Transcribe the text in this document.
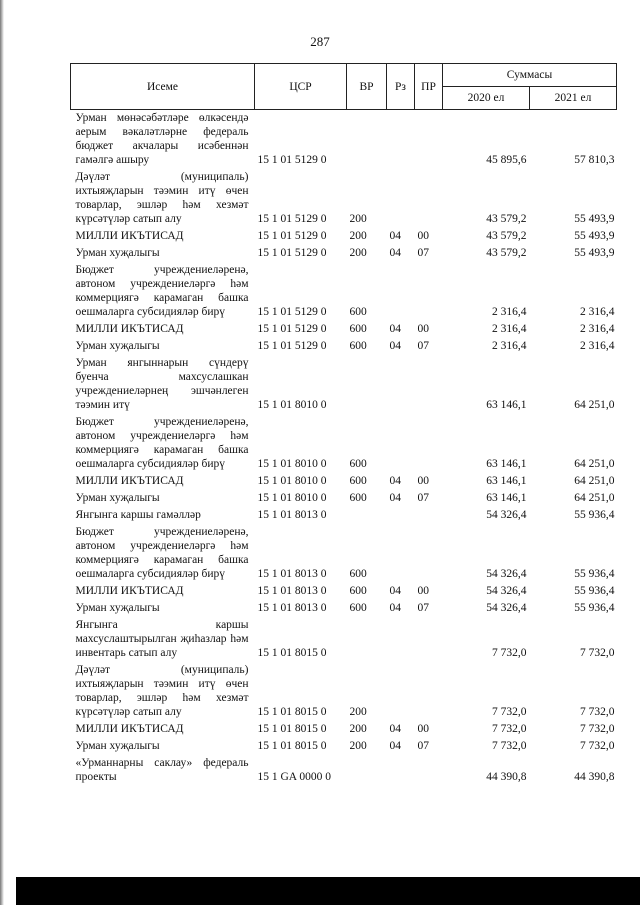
287
Исеме	ЦСР	ВР	Рз	ПР	Суммасы	
					2020 ел	2021 ел
Урман мөнәсәбәтләре өлкәсендә аерым вәкаләтләрне федераль бюджет акчалары исәбеннән гамәлгә ашыру	15 1 01 5129 0				45 895,6	57 810,3
Дәүләт (муниципаль) ихтыяҗларын тәэмин итү өчен товарлар, эшләр һәм хезмәт күрсәтүләр сатып алу	15 1 01 5129 0	200			43 579,2	55 493,9
МИЛЛИ ИКЪТИСАД	15 1 01 5129 0	200	04	00	43 579,2	55 493,9
Урман хуҗалыгы	15 1 01 5129 0	200	04	07	43 579,2	55 493,9
Бюджет учреждениеләренә, автоном учреждениеләргә һәм коммерциягә карамаган башка оешмаларга субсидияләр бирү	15 1 01 5129 0	600			2 316,4	2 316,4
МИЛЛИ ИКЪТИСАД	15 1 01 5129 0	600	04	00	2 316,4	2 316,4
Урман хуҗалыгы	15 1 01 5129 0	600	04	07	2 316,4	2 316,4
Урман янгыннарын сүндерү буенча махсуслашкан учреждениеләрнең эшчәнлеген тәэмин итү	15 1 01 8010 0				63 146,1	64 251,0
Бюджет учреждениеләренә, автоном учреждениеләргә һәм коммерциягә карамаган башка оешмаларга субсидияләр бирү	15 1 01 8010 0	600			63 146,1	64 251,0
МИЛЛИ ИКЪТИСАД	15 1 01 8010 0	600	04	00	63 146,1	64 251,0
Урман хуҗалыгы	15 1 01 8010 0	600	04	07	63 146,1	64 251,0
Янгынга каршы гамәлләр	15 1 01 8013 0				54 326,4	55 936,4
Бюджет учреждениеләренә, автоном учреждениеләргә һәм коммерциягә карамаган башка оешмаларга субсидияләр бирү	15 1 01 8013 0	600			54 326,4	55 936,4
МИЛЛИ ИКЪТИСАД	15 1 01 8013 0	600	04	00	54 326,4	55 936,4
Урман хуҗалыгы	15 1 01 8013 0	600	04	07	54 326,4	55 936,4
Янгынга каршы махсуслаштырылган җиһазлар һәм инвентарь сатып алу	15 1 01 8015 0				7 732,0	7 732,0
Дәүләт (муниципаль) ихтыяҗларын тәэмин итү өчен товарлар, эшләр һәм хезмәт күрсәтүләр сатып алу	15 1 01 8015 0	200			7 732,0	7 732,0
МИЛЛИ ИКЪТИСАД	15 1 01 8015 0	200	04	00	7 732,0	7 732,0
Урман хуҗалыгы	15 1 01 8015 0	200	04	07	7 732,0	7 732,0
«Урманнарны саклау» федераль проекты	15 1 GA 0000 0				44 390,8	44 390,8
